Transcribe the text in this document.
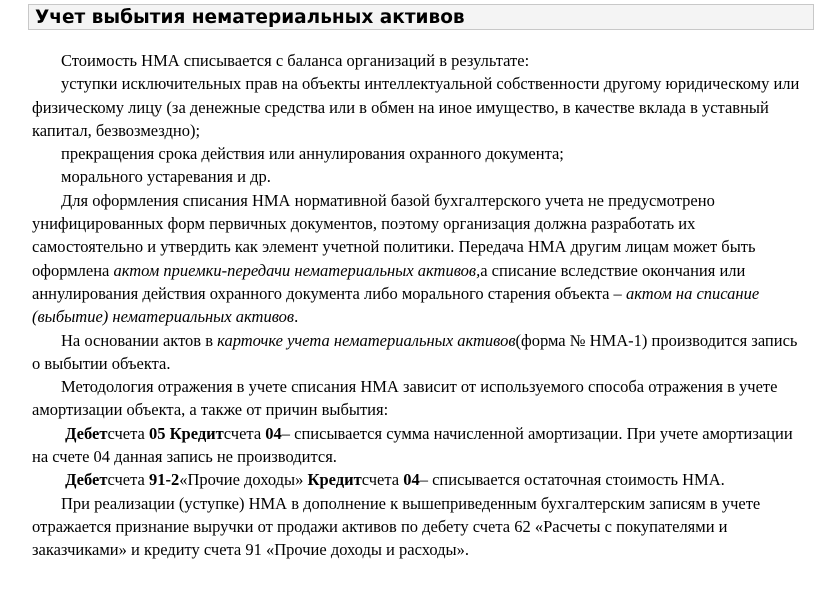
Учет выбытия нематериальных активов

Стоимость НМА списывается с баланса организаций в результате:

уступки исключительных прав на объекты интеллектуальной собственности другому юридическому или физическому лицу (за денежные средства или в обмен на иное имущество, в качестве вклада в уставный капитал, безвозмездно);

прекращения срока действия или аннулирования охранного документа;

морального устаревания и др.

Для оформления списания НМА нормативной базой бухгалтерского учета не предусмотрено унифицированных форм первичных документов, поэтому организация должна разработать их самостоятельно и утвердить как элемент учетной политики. Передача НМА другим лицам может быть оформлена актом приемки-передачи нематериальных активов,а списание вследствие окончания или аннулирования действия охранного документа либо морального старения объекта – актом на списание (выбытие) нематериальных активов.

На основании актов в карточке учета нематериальных активов(форма № НМА-1) производится запись о выбытии объекта.

Методология отражения в учете списания НМА зависит от используемого способа отражения в учете амортизации объекта, а также от причин выбытия:

Дебетсчета 05 Кредитсчета 04– списывается сумма начисленной амортизации. При учете амортизации на счете 04 данная запись не производится.

Дебетсчета 91-2«Прочие доходы» Кредитсчета 04– списывается остаточная стоимость НМА.

При реализации (уступке) НМА в дополнение к вышеприведенным бухгалтерским записям в учете отражается признание выручки от продажи активов по дебету счета 62 «Расчеты с покупателями и заказчиками» и кредиту счета 91 «Прочие доходы и расходы».
